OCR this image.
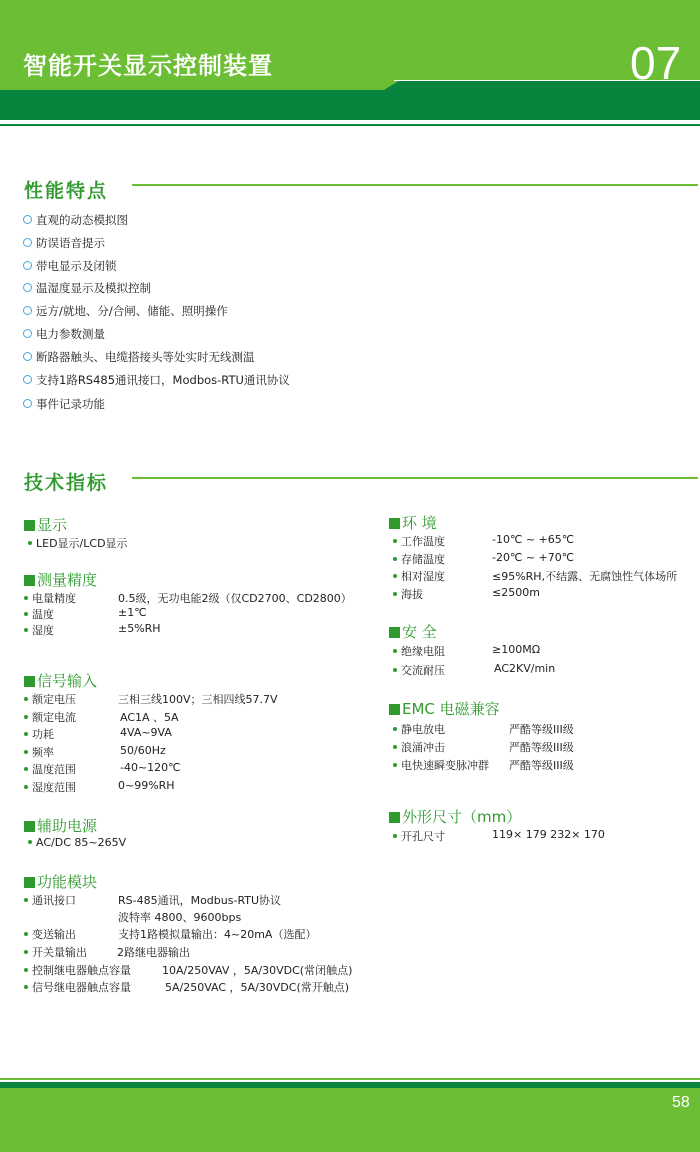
智能开关显示控制装置	07
性能特点
直观的动态模拟图
防误语音提示
带电显示及闭锁
温湿度显示及模拟控制
远方/就地、分/合闸、储能、照明操作
电力参数测量
断路器触头、电缆搭接头等处实时无线测温
支持1路RS485通讯接口，Modbos-RTU通讯协议
事件记录功能
技术指标
显示
LED显示/LCD显示
测量精度
电量精度	0.5级，无功电能2级（仅CD2700、CD2800）
温度	±1℃
湿度	±5%RH
信号输入
额定电压	三相三线100V；三相四线57.7V
额定电流	AC1A 、5A
功耗	4VA~9VA
频率	50/60Hz
温度范围	-40~120℃
湿度范围	0~99%RH
辅助电源
AC/DC 85~265V
功能模块
通讯接口	RS-485通讯，Modbus-RTU协议
波特率 4800、9600bps
变送输出	支持1路模拟量输出：4~20mA（选配）
开关量输出	2路继电器输出
控制继电器触点容量	10A/250VAV ，5A/30VDC(常闭触点)
信号继电器触点容量	5A/250VAC ，5A/30VDC(常开触点)
环 境
工作温度	-10℃ ~ +65℃
存储温度	-20℃ ~ +70℃
相对湿度	≤95%RH,不结露、无腐蚀性气体场所
海拔	≤2500m
安 全
绝缘电阻	≥100MΩ
交流耐压	AC2KV/min
EMC 电磁兼容
静电放电	严酷等级III级
浪涌冲击	严酷等级III级
电快速瞬变脉冲群 严酷等级III级
外形尺寸（mm）
开孔尺寸	119× 179 232× 170
58
